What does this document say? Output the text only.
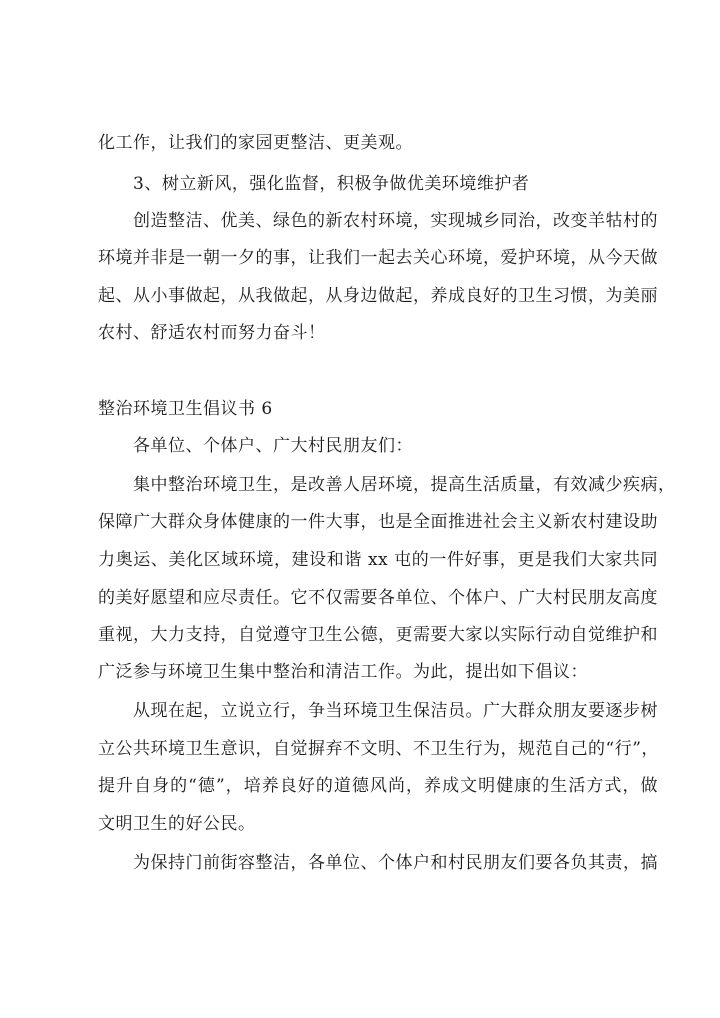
化工作，让我们的家园更整洁、更美观。
3、树立新风，强化监督，积极争做优美环境维护者
创造整洁、优美、绿色的新农村环境，实现城乡同治，改变羊牯村的
环境并非是一朝一夕的事，让我们一起去关心环境，爱护环境，从今天做
起、从小事做起，从我做起，从身边做起，养成良好的卫生习惯，为美丽
农村、舒适农村而努力奋斗！
整治环境卫生倡议书 6
各单位、个体户、广大村民朋友们：
集中整治环境卫生，是改善人居环境，提高生活质量，有效减少疾病，
保障广大群众身体健康的一件大事，也是全面推进社会主义新农村建设助
力奥运、美化区域环境，建设和谐 xx 屯的一件好事，更是我们大家共同
的美好愿望和应尽责任。它不仅需要各单位、个体户、广大村民朋友高度
重视，大力支持，自觉遵守卫生公德，更需要大家以实际行动自觉维护和
广泛参与环境卫生集中整治和清洁工作。为此，提出如下倡议：
从现在起，立说立行，争当环境卫生保洁员。广大群众朋友要逐步树
立公共环境卫生意识，自觉摒弃不文明、不卫生行为，规范自己的“行”，
提升自身的“德”，培养良好的道德风尚，养成文明健康的生活方式，做
文明卫生的好公民。
为保持门前街容整洁，各单位、个体户和村民朋友们要各负其责，搞
